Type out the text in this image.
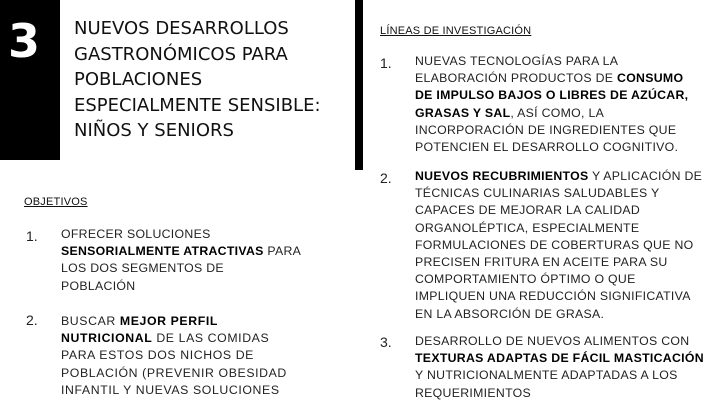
3 NUEVOS DESARROLLOS
GASTRONÓMICOS PARA
POBLACIONES
ESPECIALMENTE SENSIBLE:
NIÑOS Y SENIORS
OBJETIVOS
1. OFRECER SOLUCIONES SENSORIALMENTE ATRACTIVAS PARA LOS DOS SEGMENTOS DE POBLACIÓN
2. BUSCAR MEJOR PERFIL NUTRICIONAL DE LAS COMIDAS PARA ESTOS DOS NICHOS DE POBLACIÓN (PREVENIR OBESIDAD INFANTIL Y NUEVAS SOLUCIONES
LÍNEAS DE INVESTIGACIÓN
1. NUEVAS TECNOLOGÍAS PARA LA ELABORACIÓN PRODUCTOS DE CONSUMO DE IMPULSO BAJOS O LIBRES DE AZÚCAR, GRASAS Y SAL, ASÍ COMO, LA INCORPORACIÓN DE INGREDIENTES QUE POTENCIEN EL DESARROLLO COGNITIVO.
2. NUEVOS RECUBRIMIENTOS Y APLICACIÓN DE TÉCNICAS CULINARIAS SALUDABLES Y CAPACES DE MEJORAR LA CALIDAD ORGANOLÉPTICA, ESPECIALMENTE FORMULACIONES DE COBERTURAS QUE NO PRECISEN FRITURA EN ACEITE PARA SU COMPORTAMIENTO ÓPTIMO O QUE IMPLIQUEN UNA REDUCCIÓN SIGNIFICATIVA EN LA ABSORCIÓN DE GRASA.
3. DESARROLLO DE NUEVOS ALIMENTOS CON TEXTURAS ADAPTAS DE FÁCIL MASTICACIÓN Y NUTRICIONALMENTE ADAPTADAS A LOS REQUERIMIENTOS
